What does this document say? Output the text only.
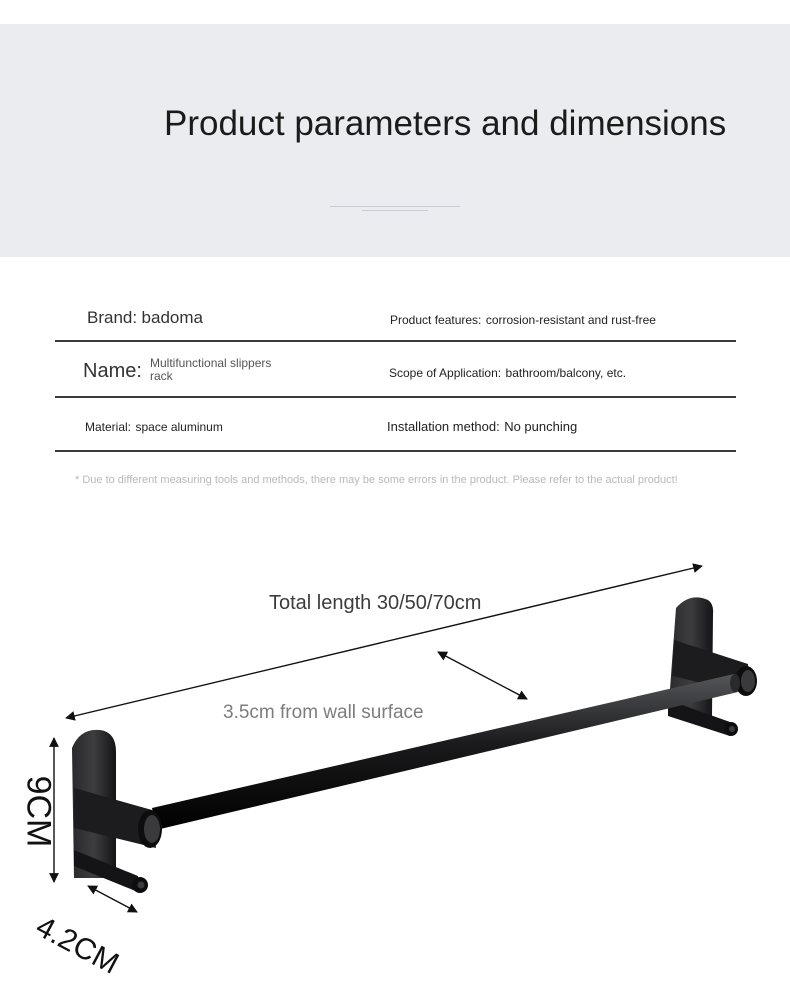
Product parameters and dimensions
Brand: badoma	Product features: corrosion-resistant and rust-free
Name: Multifunctional slippers
rack	Scope of Application: bathroom/balcony, etc.
Material: space aluminum	Installation method: No punching
* Due to different measuring tools and methods, there may be some errors in the product. Please refer to the actual product!
Total length 30/50/70cm
3.5cm from wall surface
9CM
4.2CM
